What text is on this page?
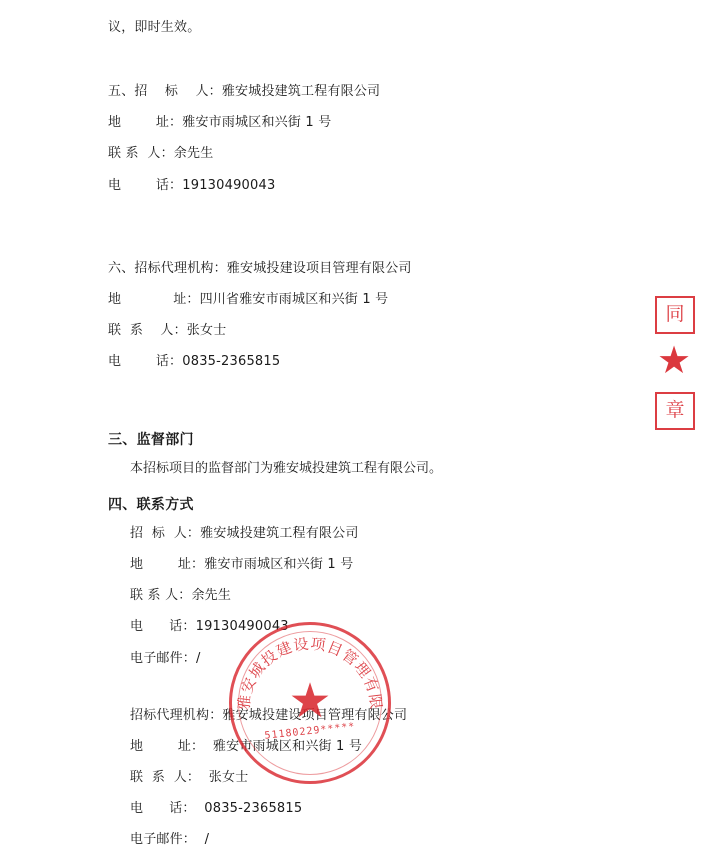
议，即时生效。
五、招    标    人：雅安城投建筑工程有限公司
地        址：雅安市雨城区和兴街 1 号
联 系  人：余先生
电        话：19130490043
六、招标代理机构：雅安城投建设项目管理有限公司
地            址：四川省雅安市雨城区和兴街 1 号
联  系    人：张女士
电        话：0835-2365815
三、监督部门
本招标项目的监督部门为雅安城投建筑工程有限公司。
四、联系方式
招  标  人：雅安城投建筑工程有限公司
地        址：雅安市雨城区和兴街 1 号
联 系 人：余先生
电      话：19130490043
电子邮件：/
招标代理机构：雅安城投建设项目管理有限公司
地        址：  雅安市雨城区和兴街 1 号
联  系  人：  张女士
电      话：  0835-2365815
电子邮件：  /
同
★
章
雅安城投建设项目管理有限
★
51180229*****
